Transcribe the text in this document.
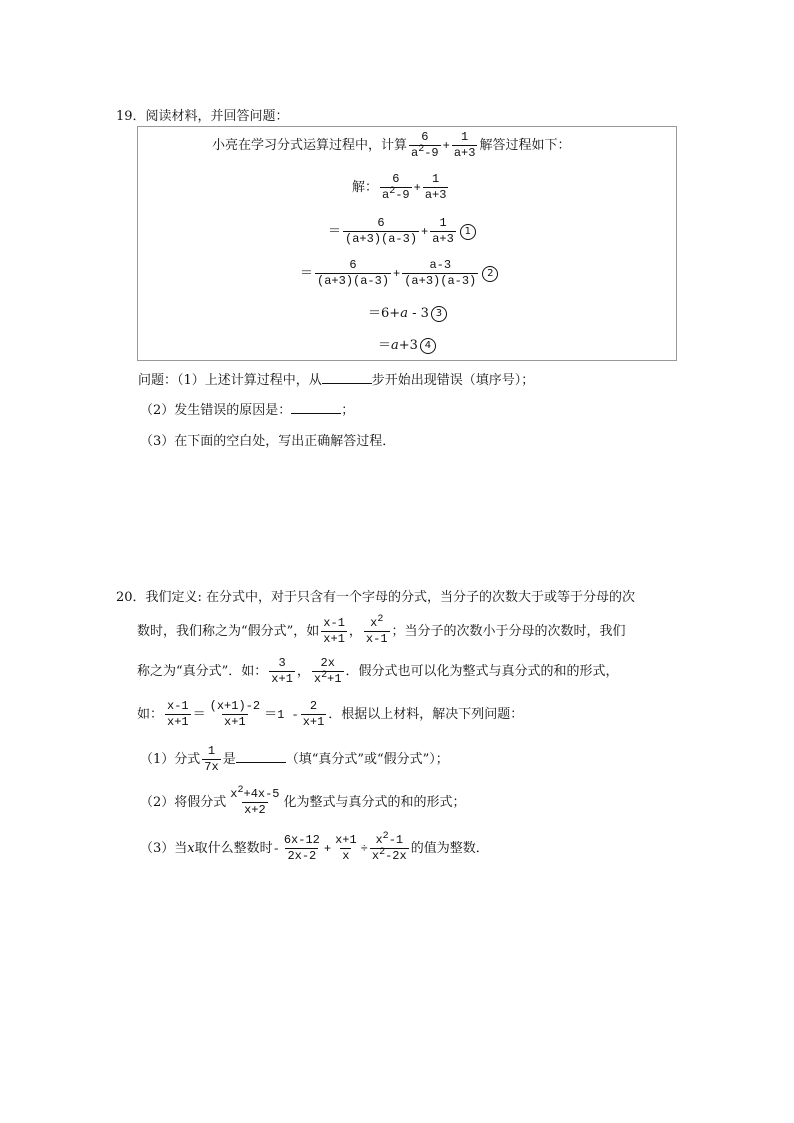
19．阅读材料，并回答问题：
小亮在学习分式运算过程中，计算 $\frac{6}{a^2-9} + \frac{1}{a+3}$ 解答过程如下：
解： $\frac{6}{a^2-9} + \frac{1}{a+3}$
＝ $\frac{6}{(a+3)(a-3)} + \frac{1}{a+3} 1$
＝ $\frac{6}{(a+3)(a-3)} + \frac{a-3}{(a+3)(a-3)} 2$
＝6+a - 3 3
＝a+3 4
问题：（1）上述计算过程中，从	步开始出现错误（填序号）；
（2）发生错误的原因是：	；
（3）在下面的空白处，写出正确解答过程．
20．我们定义: 在分式中，对于只含有一个字母的分式，当分子的次数大于或等于分母的次
数时，我们称之为“假分式”，如 $\frac{x-1}{x+1}$ ， $\frac{x^2}{x-1}$ ；当分子的次数小于分母的次数时，我们
称之为“真分式”．如： $\frac{3}{x+1}$ ， $\frac{2x}{x^2+1}$ ．假分式也可以化为整式与真分式的和的形式，
如： $\frac{x-1}{x+1} = \frac{(x+1)-2}{x+1} =1 - \frac{2}{x+1}$ ．根据以上材料，解决下列问题：
（1）分式 $\frac{1}{7x}$ 是	（填“真分式”或“假分式”）；
（2）将假分式 $\frac{x^2+4x-5}{x+2}$ 化为整式与真分式的和的形式；
（3）当x取什么整数时- $\frac{6x-12}{2x-2} + \frac{x+1}{x} \div \frac{x^2-1}{x^2-2x}$ 的值为整数．
